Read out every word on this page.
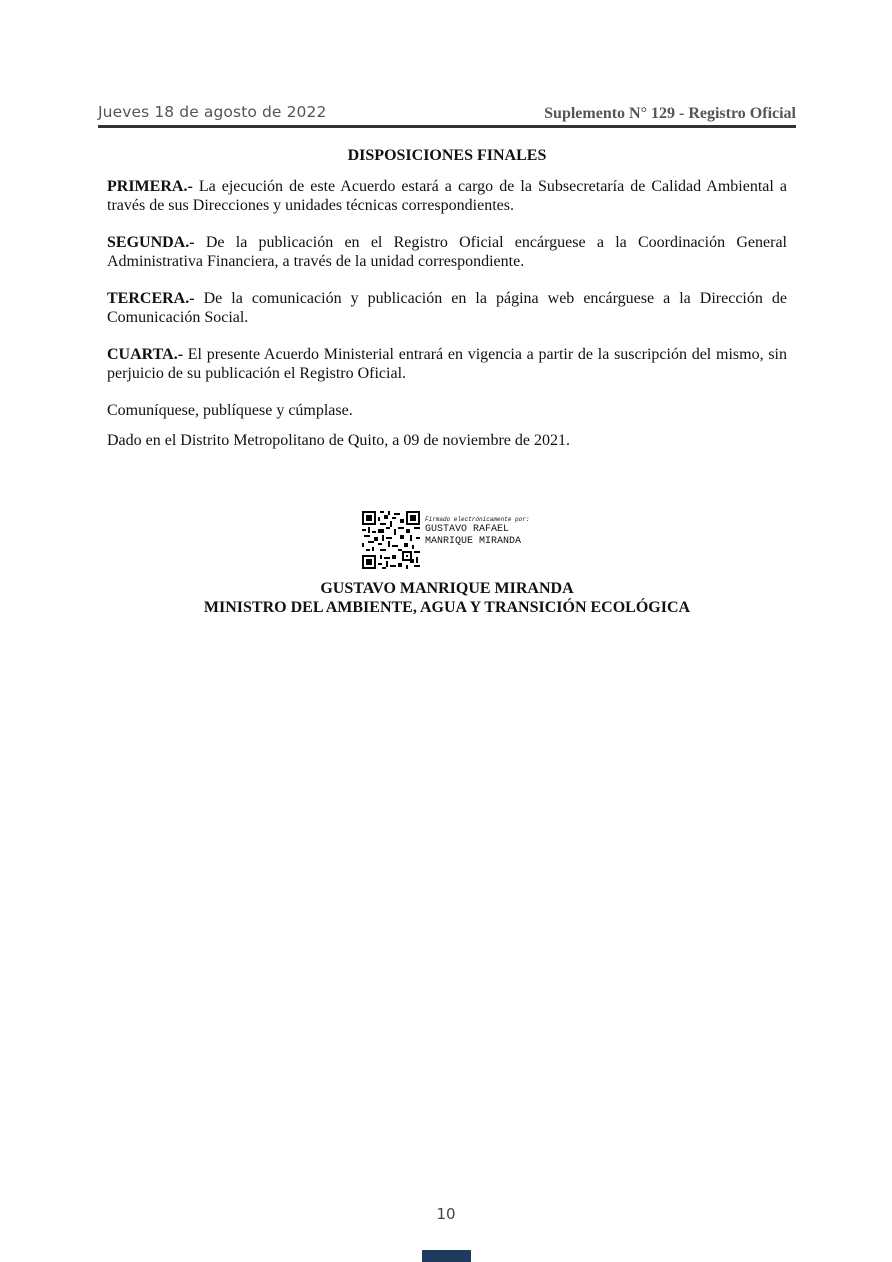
Jueves 18 de agosto de 2022	Suplemento N° 129 - Registro Oficial
DISPOSICIONES FINALES

PRIMERA.- La ejecución de este Acuerdo estará a cargo de la Subsecretaría de Calidad Ambiental a través de sus Direcciones y unidades técnicas correspondientes.

SEGUNDA.- De la publicación en el Registro Oficial encárguese a la Coordinación General Administrativa Financiera, a través de la unidad correspondiente.

TERCERA.- De la comunicación y publicación en la página web encárguese a la Dirección de Comunicación Social.

CUARTA.- El presente Acuerdo Ministerial entrará en vigencia a partir de la suscripción del mismo, sin perjuicio de su publicación el Registro Oficial.

Comuníquese, publíquese y cúmplase.

Dado en el Distrito Metropolitano de Quito, a 09 de noviembre de 2021.

Firmado electrónicamente por:
GUSTAVO RAFAEL
MANRIQUE MIRANDA
GUSTAVO MANRIQUE MIRANDA
MINISTRO DEL AMBIENTE, AGUA Y TRANSICIÓN ECOLÓGICA
10
